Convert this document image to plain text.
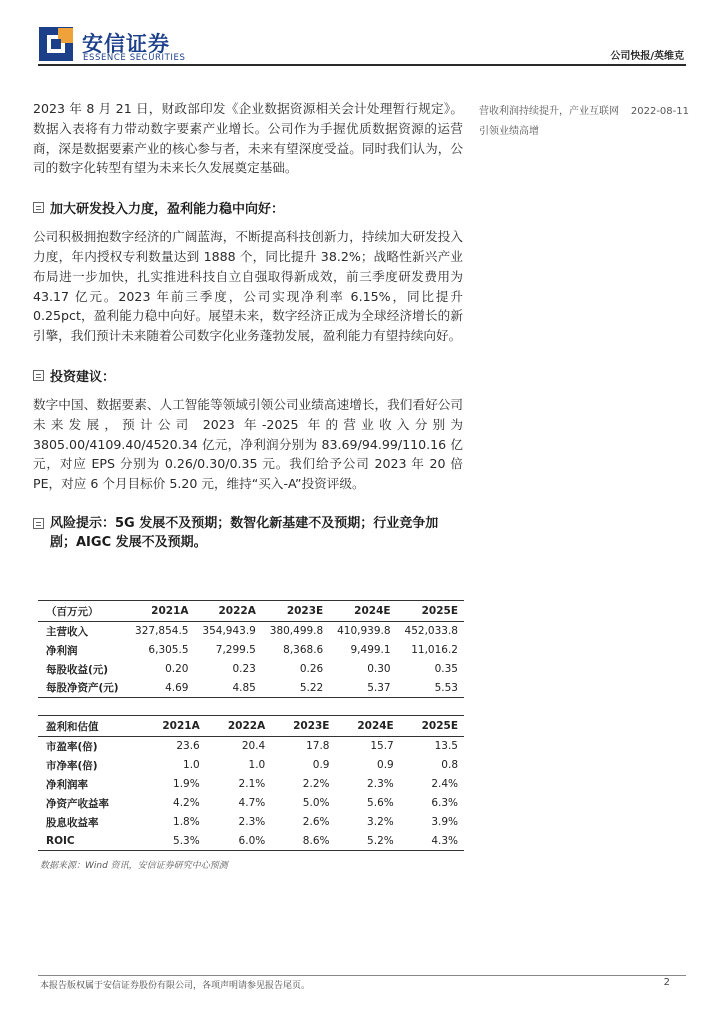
安信证券
ESSENCE SECURITIES	公司快报/英维克
营收利润持续提升，产业互联网引领业绩高增
2022-08-11

2023 年 8 月 21 日，财政部印发《企业数据资源相关会计处理暂行规定》。数据入表将有力带动数字要素产业增长。公司作为手握优质数据资源的运营商，深是数据要素产业的核心参与者，未来有望深度受益。同时我们认为，公司的数字化转型有望为未来长久发展奠定基础。

加大研发投入力度，盈利能力稳中向好：

公司积极拥抱数字经济的广阔蓝海，不断提高科技创新力，持续加大研发投入力度，年内授权专利数量达到 1888 个，同比提升 38.2%；战略性新兴产业布局进一步加快，扎实推进科技自立自强取得新成效，前三季度研发费用为 43.17 亿元。2023 年前三季度，公司实现净利率 6.15%，同比提升 0.25pct，盈利能力稳中向好。展望未来，数字经济正成为全球经济增长的新引擎，我们预计未来随着公司数字化业务蓬勃发展，盈利能力有望持续向好。

投资建议：

数字中国、数据要素、人工智能等领域引领公司业绩高速增长，我们看好公司未来发展，预计公司 2023 年-2025 年的营业收入分别为 3805.00/4109.40/4520.34 亿元，净利润分别为 83.69/94.99/110.16 亿元，对应 EPS 分别为 0.26/0.30/0.35 元。我们给予公司 2023 年 20 倍 PE，对应 6 个月目标价 5.20 元，维持“买入-A”投资评级。

风险提示：5G 发展不及预期；数智化新基建不及预期；行业竞争加剧；AIGC 发展不及预期。
（百万元）	2021A	2022A	2023E	2024E	2025E
主营收入	327,854.5	354,943.9	380,499.8	410,939.8	452,033.8
净利润	6,305.5	7,299.5	8,368.6	9,499.1	11,016.2
每股收益(元)	0.20	0.23	0.26	0.30	0.35
每股净资产(元)	4.69	4.85	5.22	5.37	5.53
盈利和估值	2021A	2022A	2023E	2024E	2025E
市盈率(倍)	23.6	20.4	17.8	15.7	13.5
市净率(倍)	1.0	1.0	0.9	0.9	0.8
净利润率	1.9%	2.1%	2.2%	2.3%	2.4%
净资产收益率	4.2%	4.7%	5.0%	5.6%	6.3%
股息收益率	1.8%	2.3%	2.6%	3.2%	3.9%
ROIC	5.3%	6.0%	8.6%	5.2%	4.3%
数据来源：Wind 资讯，安信证券研究中心预测
本报告版权属于安信证券股份有限公司，各项声明请参见报告尾页。	2
